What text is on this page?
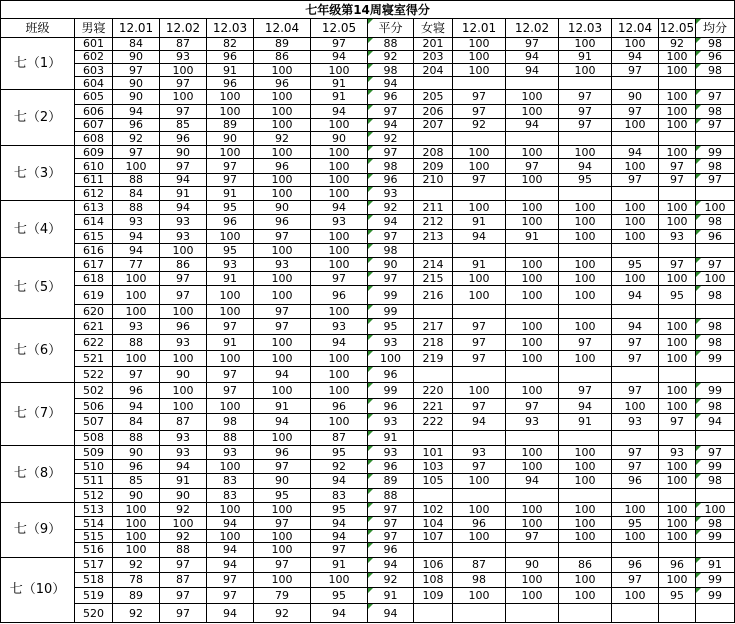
七年级第14周寝室得分														
班级	男寝	12.01	12.02	12.03	12.04	12.05	平分	女寝	12.01	12.02	12.03	12.04	12.05	均分
七（1）	601	84	87	82	89	97	88	201	100	97	100	100	92	98
	602	90	93	96	86	94	92	203	100	94	91	94	100	96
	603	97	100	91	100	100	98	204	100	94	100	97	100	98
	604	90	97	96	96	91	94							
七（2）	605	90	100	100	100	91	96	205	97	100	97	90	100	97
	606	94	97	100	100	94	97	206	97	100	97	97	100	98
	607	96	85	89	100	100	94	207	92	94	97	100	100	97
	608	92	96	90	92	90	92							
七（3）	609	97	90	100	100	100	97	208	100	100	100	94	100	99
	610	100	97	97	96	100	98	209	100	97	94	100	97	98
	611	88	94	97	100	100	96	210	97	100	95	97	97	97
	612	84	91	91	100	100	93							
七（4）	613	88	94	95	90	94	92	211	100	100	100	100	100	100
	614	93	93	96	96	93	94	212	91	100	100	100	100	98
	615	94	93	100	97	100	97	213	94	91	100	100	93	96
	616	94	100	95	100	100	98							
七（5）	617	77	86	93	93	100	90	214	91	100	100	95	97	97
	618	100	97	91	100	97	97	215	100	100	100	100	100	100
	619	100	97	100	100	96	99	216	100	100	100	94	95	98
	620	100	100	100	97	100	99							
七（6）	621	93	96	97	97	93	95	217	97	100	100	94	100	98
	622	88	93	91	100	94	93	218	97	100	97	97	100	98
	521	100	100	100	100	100	100	219	97	100	100	97	100	99
	522	97	90	97	94	100	96							
七（7）	502	96	100	97	100	100	99	220	100	100	97	97	100	99
	506	94	100	100	91	96	96	221	97	97	94	100	100	98
	507	84	87	98	94	100	93	222	94	93	91	93	97	94
	508	88	93	88	100	87	91							
七（8）	509	90	93	93	96	95	93	101	93	100	100	97	93	97
	510	96	94	100	97	92	96	103	97	100	100	97	100	99
	511	85	91	83	90	94	89	105	100	94	100	96	100	98
	512	90	90	83	95	83	88							
七（9）	513	100	92	100	100	95	97	102	100	100	100	100	100	100
	514	100	100	94	97	94	97	104	96	100	100	95	100	98
	515	100	92	100	100	94	97	107	100	97	100	100	100	99
	516	100	88	94	100	97	96							
七（10）	517	92	97	94	97	91	94	106	87	90	86	96	96	91
	518	78	87	97	100	100	92	108	98	100	100	97	100	99
	519	89	97	97	79	95	91	109	100	100	100	100	95	99
	520	92	97	94	92	94	94							
